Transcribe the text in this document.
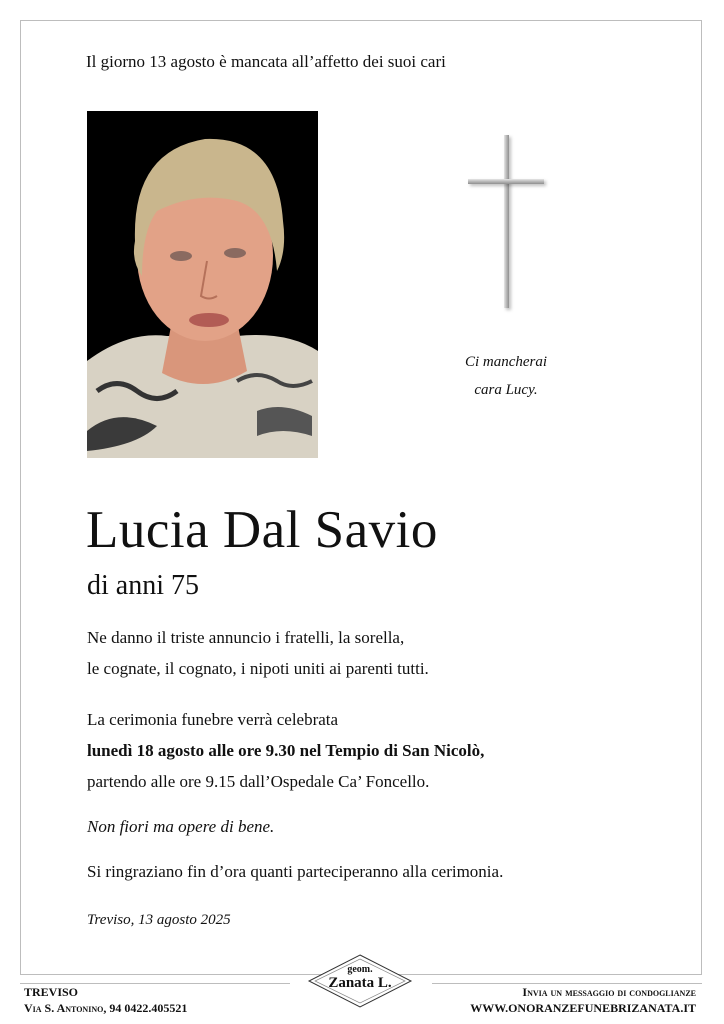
Il giorno 13 agosto è mancata all’affetto dei suoi cari
Ci mancherai
cara Lucy.
Lucia Dal Savio
di anni 75
Ne danno il triste annuncio i fratelli, la sorella,
le cognate, il cognato, i nipoti uniti ai parenti tutti.
La cerimonia funebre verrà celebrata
lunedì 18 agosto alle ore 9.30 nel Tempio di San Nicolò,
partendo alle ore 9.15 dall’Ospedale Ca’ Foncello.
Non fiori ma opere di bene.
Si ringraziano fin d’ora quanti parteciperanno alla cerimonia.
Treviso, 13 agosto 2025
geom.
Zanata L.
TREVISO
Via S. Antonino, 94 0422.405521
Invia un messaggio di condoglianze
WWW.ONORANZEFUNEBRIZANATA.IT
